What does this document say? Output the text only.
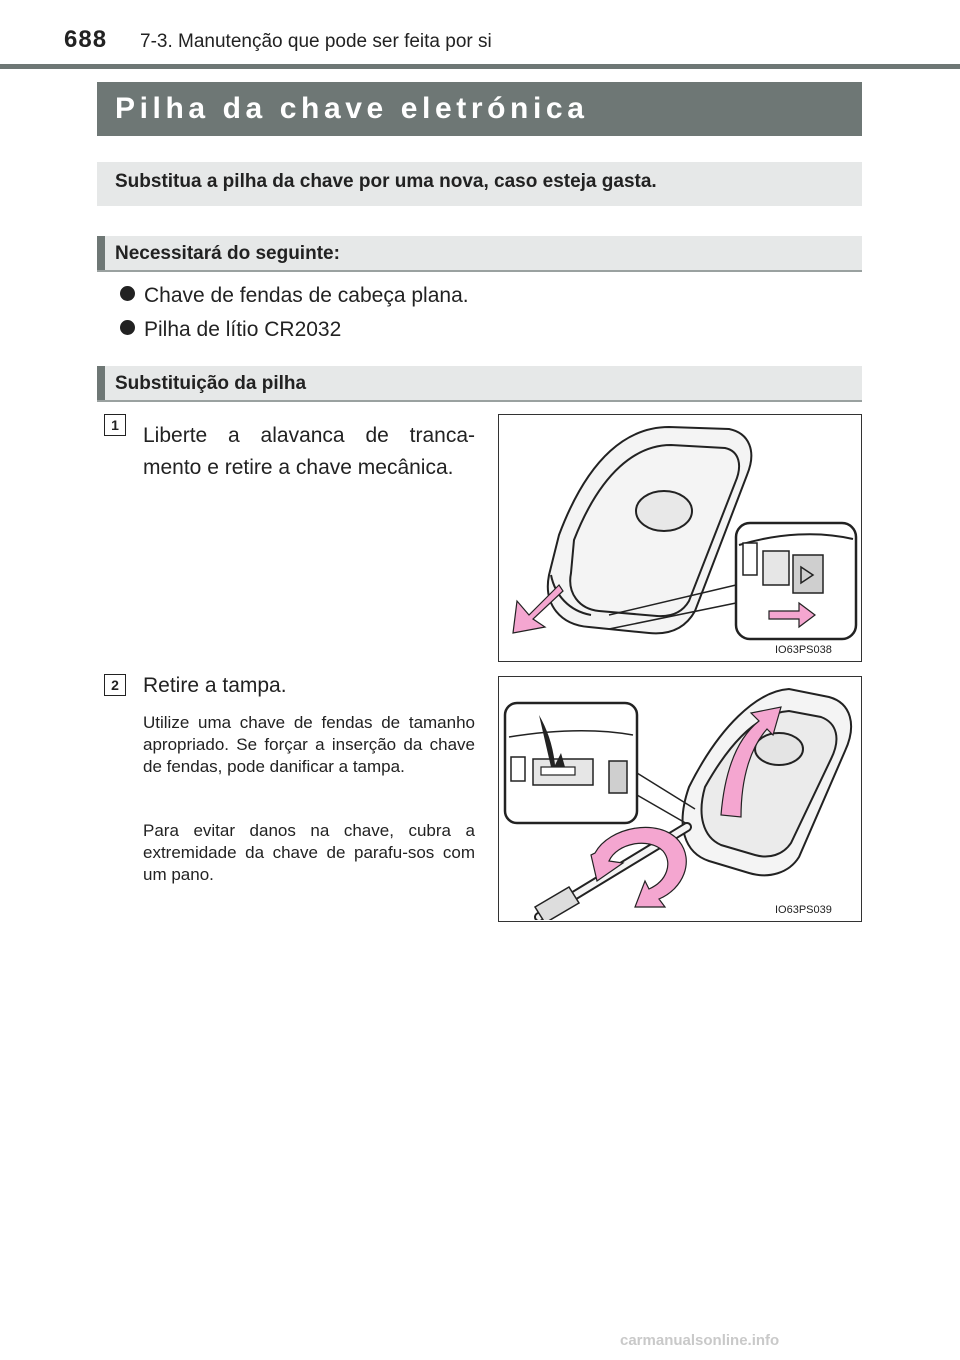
688 7-3. Manutenção que pode ser feita por si
Pilha da chave eletrónica
Substitua a pilha da chave por uma nova, caso esteja gasta.
Necessitará do seguinte:
Chave de fendas de cabeça plana.
Pilha de lítio CR2032
Substituição da pilha
1	Liberte a alavanca de tranca-
mento e retire a chave mecânica.
IO63PS038
2	Retire a tampa.
Utilize uma chave de fendas de tamanho apropriado. Se forçar a inserção da chave de fendas, pode danificar a tampa.
Para evitar danos na chave, cubra a extremidade da chave de parafu-sos com um pano.
IO63PS039
carmanualsonline.info
